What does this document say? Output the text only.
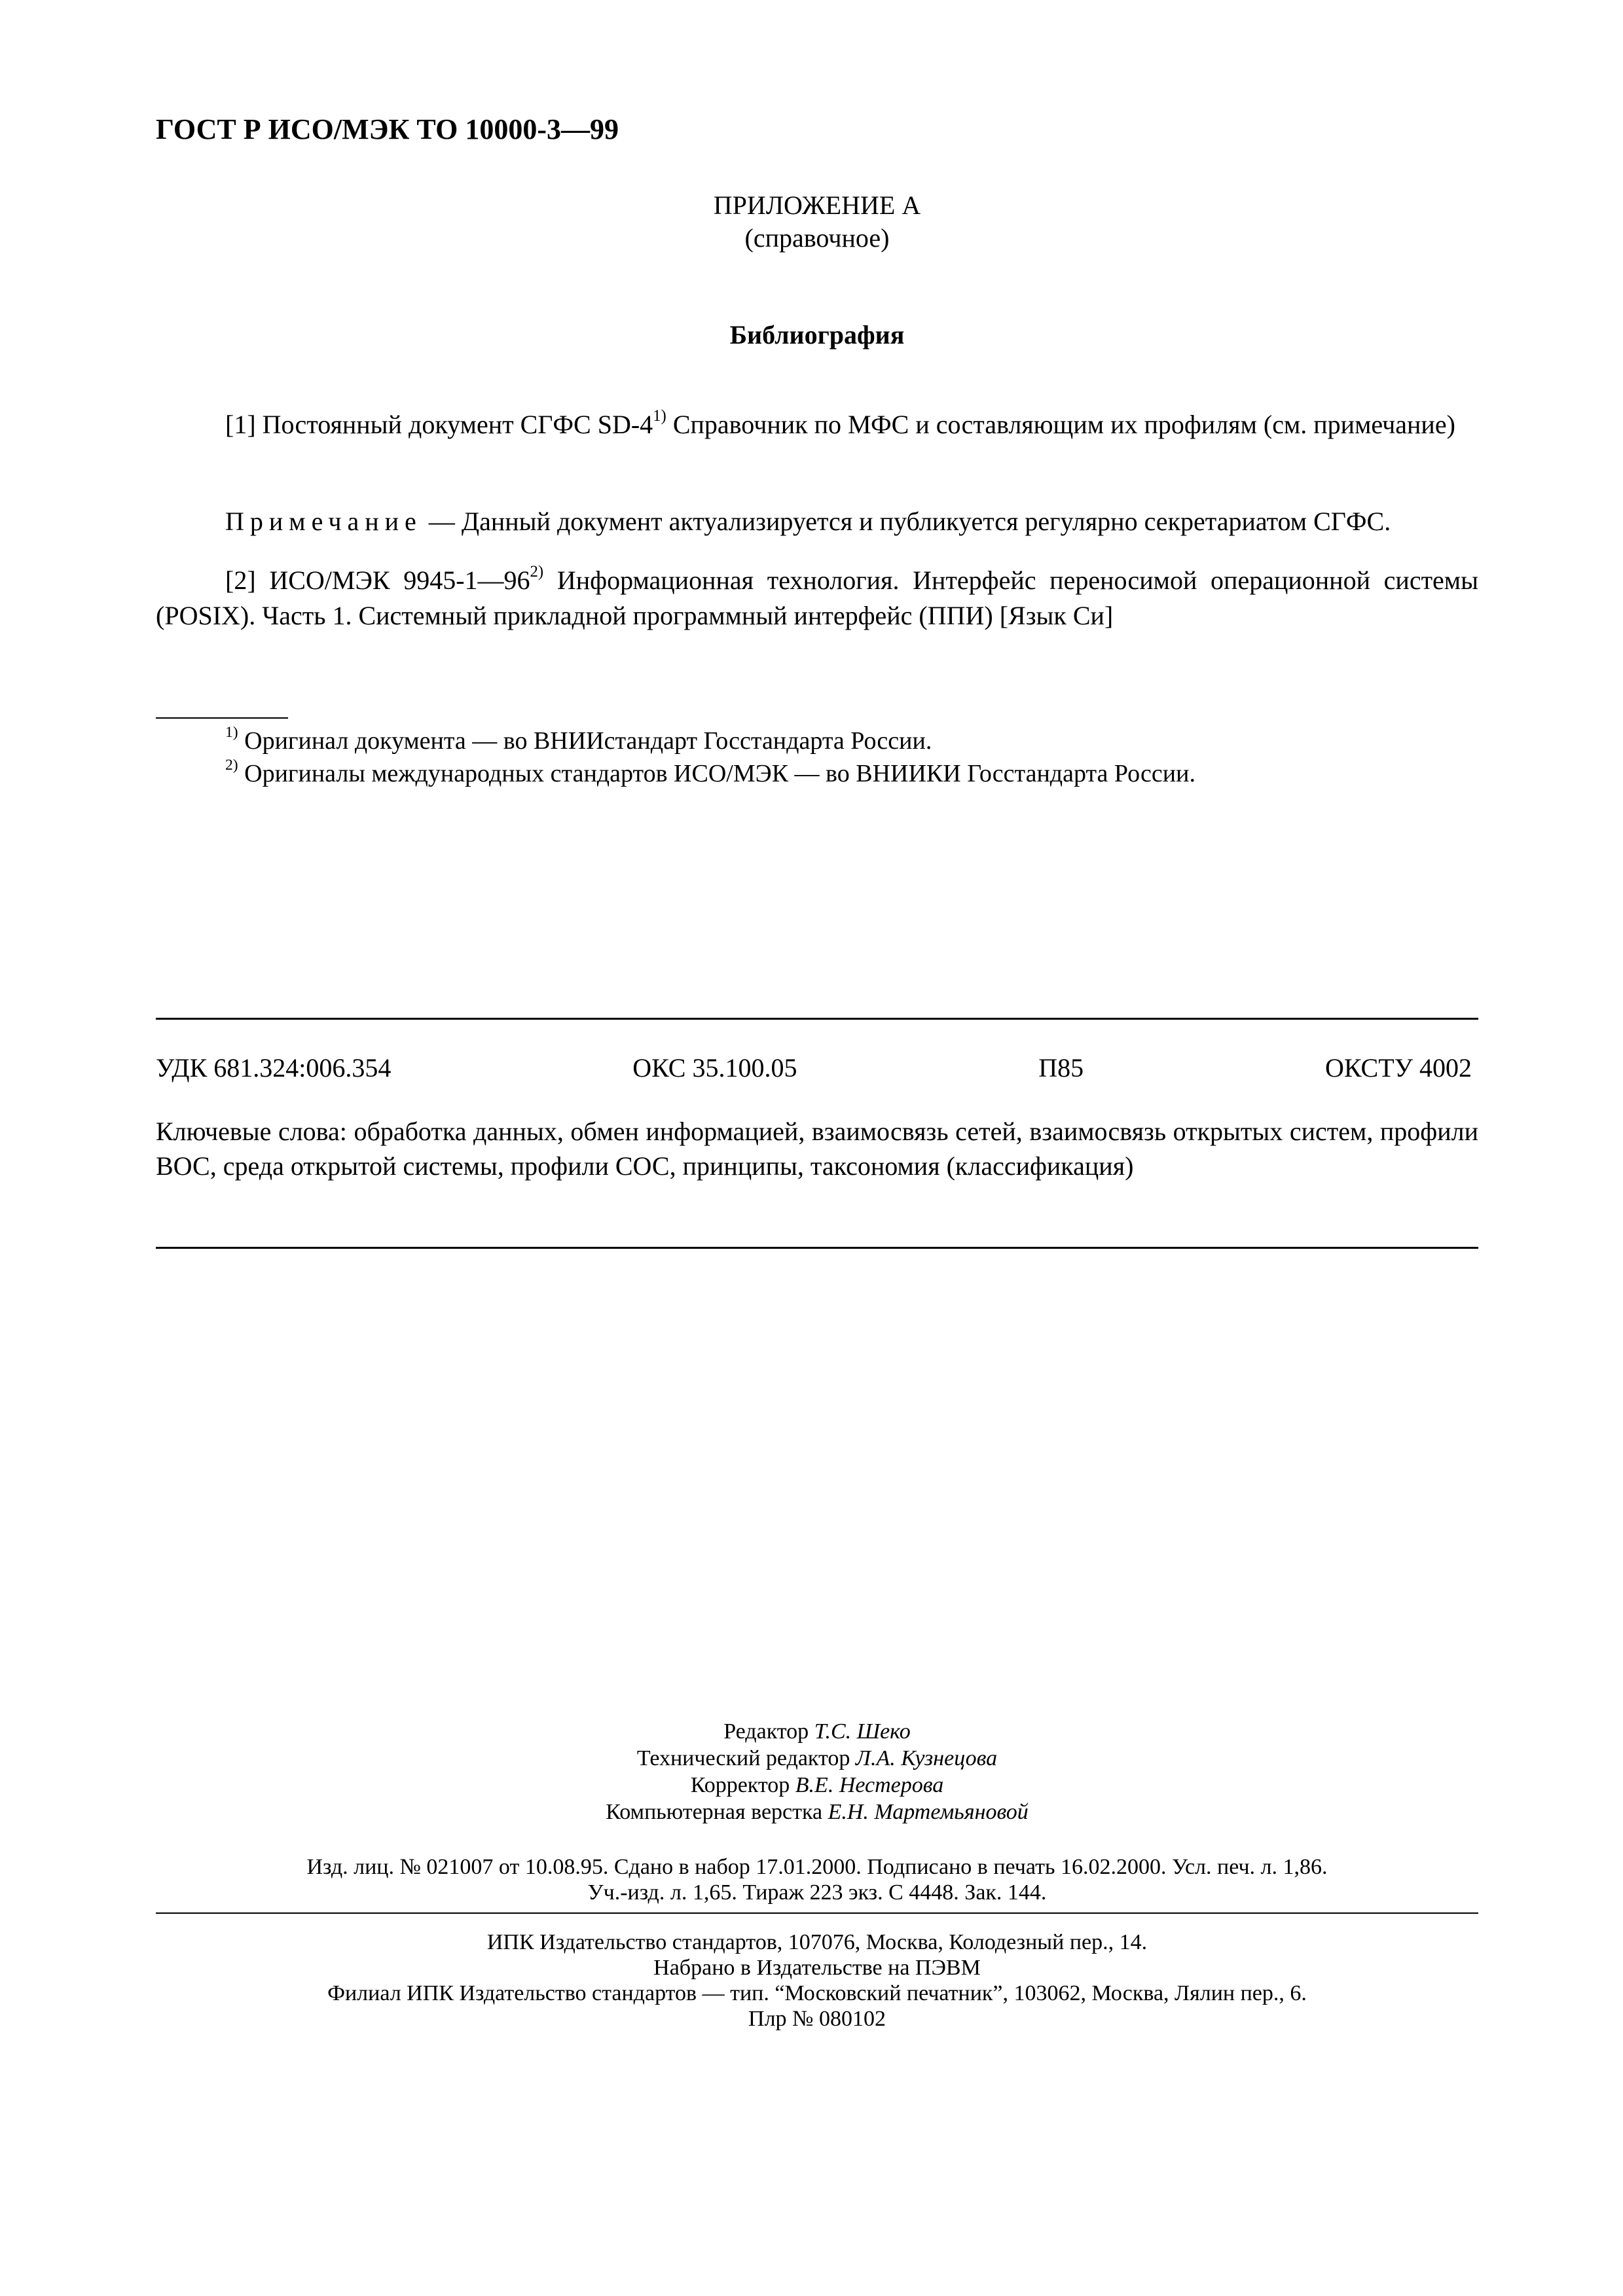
ГОСТ Р ИСО/МЭК ТО 10000-3—99
ПРИЛОЖЕНИЕ А
(справочное)
Библиография
[1] Постоянный документ СГФС SD-4$^{1)}$ Справочник по МФС и составляющим их профилям (см. примечание)
Примечание — Данный документ актуализируется и публикуется регулярно секретариатом СГФС.
[2] ИСО/МЭК 9945-1—96$^{2)}$ Информационная технология. Интерфейс переносимой операционной системы (POSIX). Часть 1. Системный прикладной программный интерфейс (ППИ) [Язык Си]
$^{1)}$ Оригинал документа — во ВНИИстандарт Госстандарта России.
$^{2)}$ Оригиналы международных стандартов ИСО/МЭК — во ВНИИКИ Госстандарта России.
УДК 681.324:006.354	ОКС 35.100.05	П85	ОКСТУ 4002
Ключевые слова: обработка данных, обмен информацией, взаимосвязь сетей, взаимосвязь открытых систем, профили ВОС, среда открытой системы, профили СОС, принципы, таксономия (классификация)
Редактор Т.С. Шеко
Технический редактор Л.А. Кузнецова
Корректор В.Е. Нестерова
Компьютерная верстка Е.Н. Мартемьяновой
Изд. лиц. № 021007 от 10.08.95. Сдано в набор 17.01.2000. Подписано в печать 16.02.2000. Усл. печ. л. 1,86.
Уч.-изд. л. 1,65. Тираж 223 экз. С 4448. Зак. 144.
ИПК Издательство стандартов, 107076, Москва, Колодезный пер., 14.
Набрано в Издательстве на ПЭВМ
Филиал ИПК Издательство стандартов — тип. “Московский печатник”, 103062, Москва, Лялин пер., 6.
Плр № 080102
